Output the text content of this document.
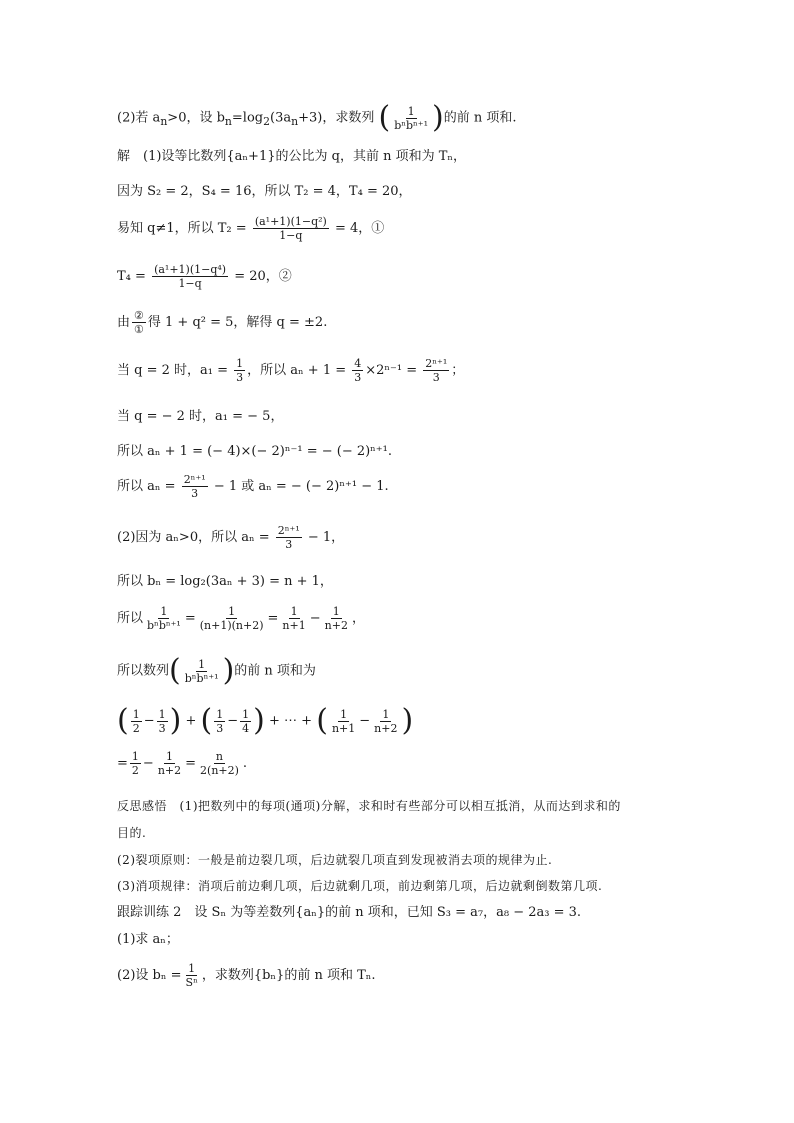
(2)若 $a_n>0$，设 $b_n=\log_2(3a_n+3)$，求数列 ( $\frac{1}{\text{bⁿbⁿ⁺¹}}$ )的前 n 项和.
解　(1)设等比数列{aₙ+1}的公比为 q，其前 n 项和为 Tₙ，
因为 S₂ = 2，S₄ = 16，所以 T₂ = 4，T₄ = 20，
易知 q≠1，所以 $T_2 = \frac{\text{(a¹+1)(1−q²)}}{1-q} = 4$，①
$T_4 = \frac{\text{(a¹+1)(1−q⁴)}}{1-q} = 20$，②
由 $\frac{\text{②}}{\text{①}}$ 得 1 + q² = 5，解得 q = ±2.
当 q = 2 时，$a_1 = \frac{1}{3}$ ，所以 $a_n + 1 = \frac{4}{3} \times 2^{n-1} = \frac{\text{2ⁿ⁺¹}}{3}$ ；
当 q = − 2 时，a₁ = − 5，
所以 aₙ + 1 = (− 4)×(− 2)ⁿ⁻¹ = − (− 2)ⁿ⁺¹.
所以 $a_n = \frac{\text{2ⁿ⁺¹}}{3} - 1$ 或 aₙ = − (− 2)ⁿ⁺¹ − 1.
(2)因为 aₙ>0，所以 $a_n = \frac{\text{2ⁿ⁺¹}}{3} - 1$，
所以 bₙ = log₂(3aₙ + 3) = n + 1，
所以 $\frac{1}{\text{bⁿbⁿ⁺¹}} = \frac{1}{(n+1)(n+2)} = \frac{1}{n+1} - \frac{1}{n+2}$ ，
所以数列( $\frac{1}{\text{bⁿbⁿ⁺¹}}$ )的前 n 项和为
( $\frac{1}{2} - \frac{1}{3}$ ) + ( $\frac{1}{3} - \frac{1}{4}$ ) + ⋯ + ( $\frac{1}{n+1} - \frac{1}{n+2}$ )
= $\frac{1}{2} - \frac{1}{n+2} = \frac{n}{2(n+2)}$ .
反思感悟　(1)把数列中的每项(通项)分解，求和时有些部分可以相互抵消，从而达到求和的
目的.
(2)裂项原则：一般是前边裂几项，后边就裂几项直到发现被消去项的规律为止.
(3)消项规律：消项后前边剩几项，后边就剩几项，前边剩第几项，后边就剩倒数第几项.
跟踪训练 2　设 Sₙ 为等差数列{aₙ}的前 n 项和，已知 S₃ = a₇，a₈ − 2a₃ = 3.
(1)求 aₙ；
(2)设 $b_n = \frac{1}{\text{Sⁿ}}$ ，求数列{bₙ}的前 n 项和 Tₙ.
